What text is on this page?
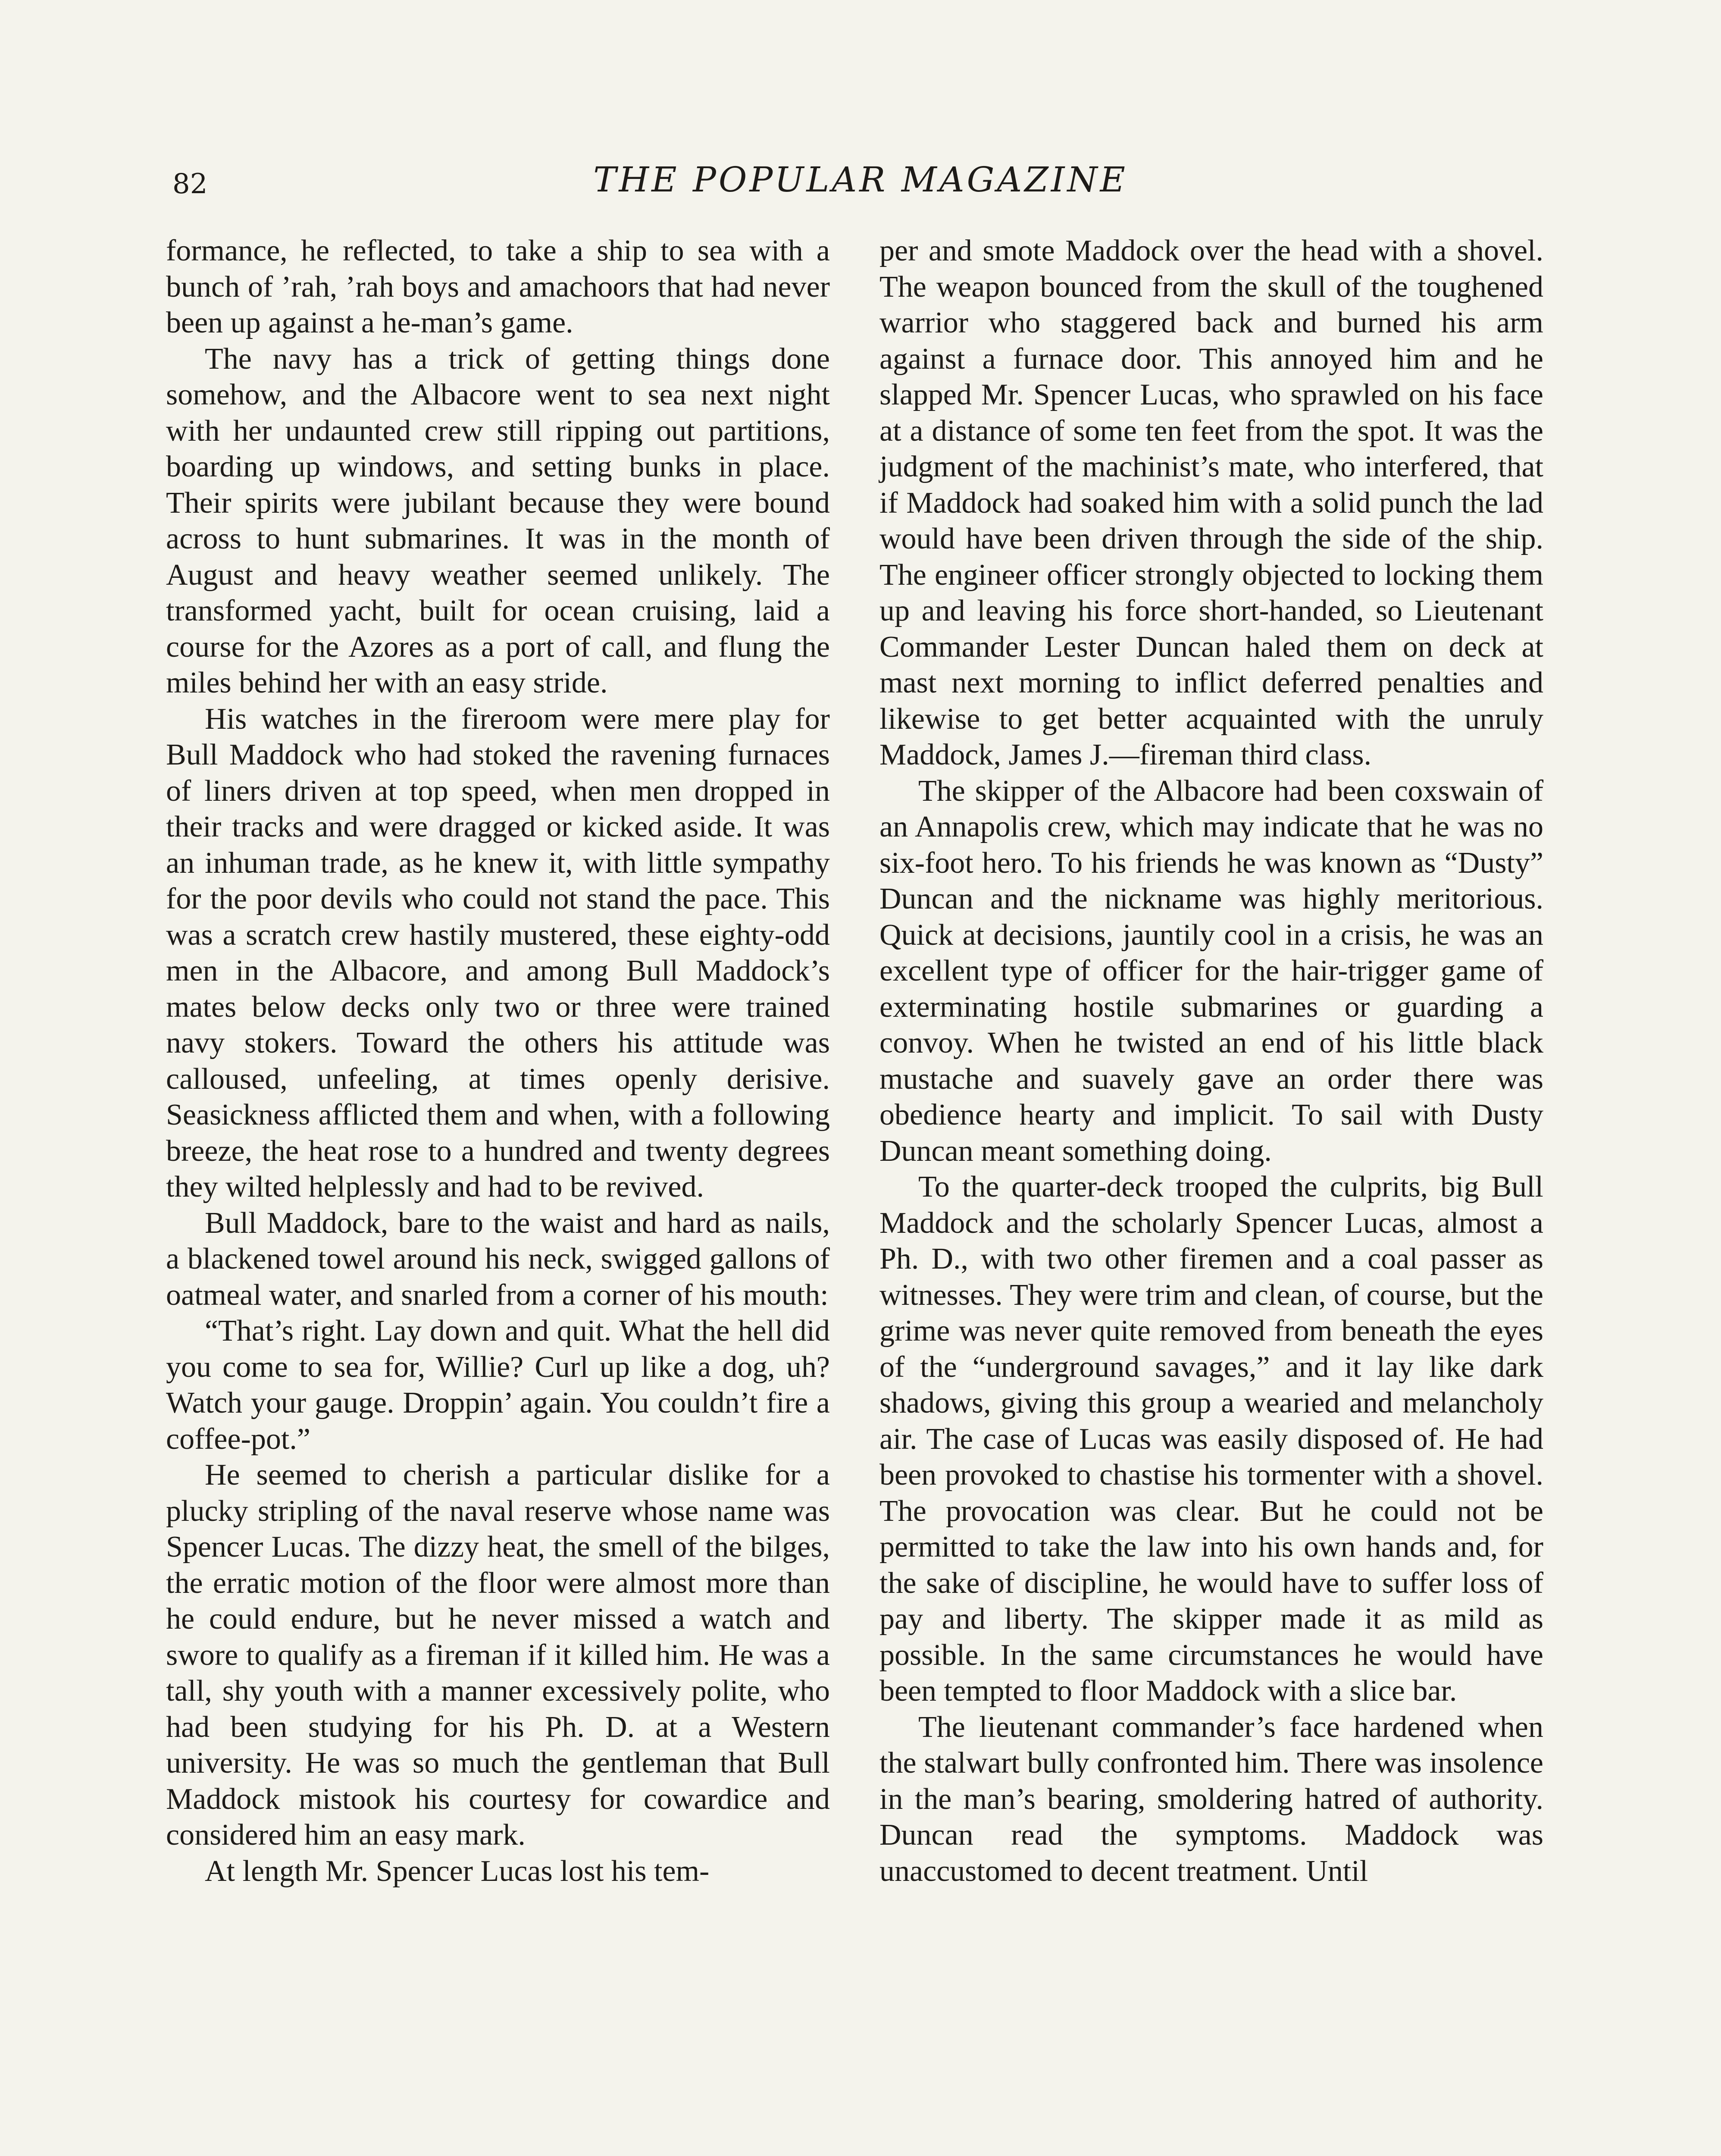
82	THE POPULAR MAGAZINE

formance, he reflected, to take a ship to sea with a bunch of ’rah, ’rah boys and amachoors that had never been up against a he-man’s game.

The navy has a trick of getting things done somehow, and the Albacore went to sea next night with her undaunted crew still ripping out partitions, boarding up windows, and setting bunks in place. Their spirits were jubilant because they were bound across to hunt submarines. It was in the month of August and heavy weather seemed unlikely. The transformed yacht, built for ocean cruising, laid a course for the Azores as a port of call, and flung the miles behind her with an easy stride.

His watches in the fireroom were mere play for Bull Maddock who had stoked the ravening furnaces of liners driven at top speed, when men dropped in their tracks and were dragged or kicked aside. It was an inhuman trade, as he knew it, with little sympathy for the poor devils who could not stand the pace. This was a scratch crew hastily mustered, these eighty-odd men in the Albacore, and among Bull Maddock’s mates below decks only two or three were trained navy stokers. Toward the others his attitude was calloused, unfeeling, at times openly derisive. Seasickness afflicted them and when, with a following breeze, the heat rose to a hundred and twenty degrees they wilted helplessly and had to be revived.

Bull Maddock, bare to the waist and hard as nails, a blackened towel around his neck, swigged gallons of oatmeal water, and snarled from a corner of his mouth:

“That’s right. Lay down and quit. What the hell did you come to sea for, Willie? Curl up like a dog, uh? Watch your gauge. Droppin’ again. You couldn’t fire a coffee-pot.”

He seemed to cherish a particular dislike for a plucky stripling of the naval reserve whose name was Spencer Lucas. The dizzy heat, the smell of the bilges, the erratic motion of the floor were almost more than he could endure, but he never missed a watch and swore to qualify as a fireman if it killed him. He was a tall, shy youth with a manner excessively polite, who had been studying for his Ph. D. at a Western university. He was so much the gentleman that Bull Maddock mistook his courtesy for cowardice and considered him an easy mark.

At length Mr. Spencer Lucas lost his tem-

per and smote Maddock over the head with a shovel. The weapon bounced from the skull of the toughened warrior who staggered back and burned his arm against a furnace door. This annoyed him and he slapped Mr. Spencer Lucas, who sprawled on his face at a distance of some ten feet from the spot. It was the judgment of the machinist’s mate, who interfered, that if Maddock had soaked him with a solid punch the lad would have been driven through the side of the ship. The engineer officer strongly objected to locking them up and leaving his force short-handed, so Lieutenant Commander Lester Duncan haled them on deck at mast next morning to inflict deferred penalties and likewise to get better acquainted with the unruly Maddock, James J.—fireman third class.

The skipper of the Albacore had been coxswain of an Annapolis crew, which may indicate that he was no six-foot hero. To his friends he was known as “Dusty” Duncan and the nickname was highly meritorious. Quick at decisions, jauntily cool in a crisis, he was an excellent type of officer for the hair-trigger game of exterminating hostile submarines or guarding a convoy. When he twisted an end of his little black mustache and suavely gave an order there was obedience hearty and implicit. To sail with Dusty Duncan meant something doing.

To the quarter-deck trooped the culprits, big Bull Maddock and the scholarly Spencer Lucas, almost a Ph. D., with two other firemen and a coal passer as witnesses. They were trim and clean, of course, but the grime was never quite removed from beneath the eyes of the “underground savages,” and it lay like dark shadows, giving this group a wearied and melancholy air. The case of Lucas was easily disposed of. He had been provoked to chastise his tormenter with a shovel. The provocation was clear. But he could not be permitted to take the law into his own hands and, for the sake of discipline, he would have to suffer loss of pay and liberty. The skipper made it as mild as possible. In the same circumstances he would have been tempted to floor Maddock with a slice bar.

The lieutenant commander’s face hardened when the stalwart bully confronted him. There was insolence in the man’s bearing, smoldering hatred of authority. Duncan read the symptoms. Maddock was unaccustomed to decent treatment. Until
